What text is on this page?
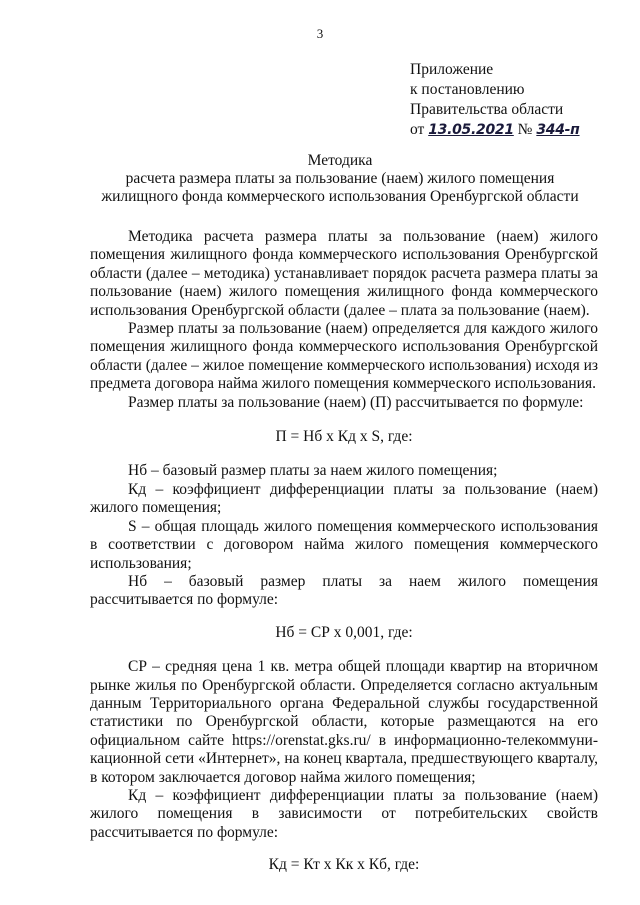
3
Приложение
к постановлению
Правительства области
от 13.05.2021 № 344-п
Методика
расчета размера платы за пользование (наем) жилого помещения
жилищного фонда коммерческого использования Оренбургской области

Методика расчета размера платы за пользование (наем) жилого помещения жилищного фонда коммерческого использования Оренбургской области (далее – методика) устанавливает порядок расчета размера платы за пользование (наем) жилого помещения жилищного фонда коммерческого использования Оренбургской области (далее – плата за пользование (наем).

Размер платы за пользование (наем) определяется для каждого жилого помещения жилищного фонда коммерческого использования Оренбургской области (далее – жилое помещение коммерческого использования) исходя из предмета договора найма жилого помещения коммерческого использования.

Размер платы за пользование (наем) (П) рассчитывается по формуле:

П = Нб х Кд х S, где:

Нб – базовый размер платы за наем жилого помещения;

Кд – коэффициент дифференциации платы за пользование (наем) жилого помещения;

S – общая площадь жилого помещения коммерческого использования в соответствии с договором найма жилого помещения коммерческого использования;

Нб – базовый размер платы за наем жилого помещения рассчитывается по формуле:

Нб = СР х 0,001, где:

СР – средняя цена 1 кв. метра общей площади квартир на вторичном рынке жилья по Оренбургской области. Определяется согласно актуальным данным Территориального органа Федеральной службы государственной статистики по Оренбургской области, которые размещаются на его официальном сайте https://orenstat.gks.ru/ в информационно-телекоммуни-кационной сети «Интернет», на конец квартала, предшествующего кварталу, в котором заключается договор найма жилого помещения;

Кд – коэффициент дифференциации платы за пользование (наем) жилого помещения в зависимости от потребительских свойств рассчитывается по формуле:

Кд = Кт х Кк х Кб, где:
